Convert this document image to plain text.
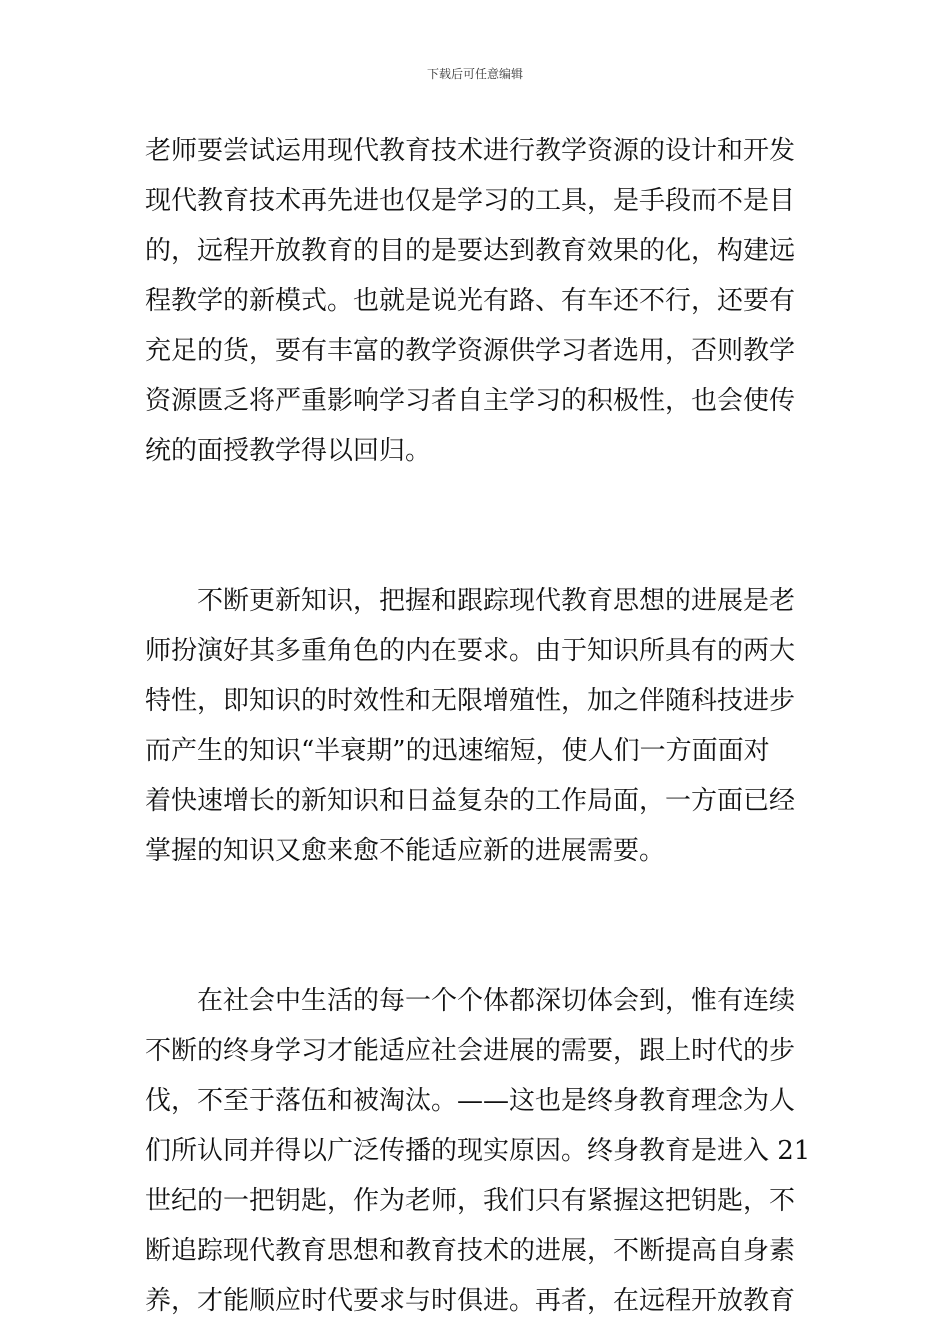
下载后可任意编辑
老师要尝试运用现代教育技术进行教学资源的设计和开发
现代教育技术再先进也仅是学习的工具，是手段而不是目
的，远程开放教育的目的是要达到教育效果的化，构建远
程教学的新模式。也就是说光有路、有车还不行，还要有
充足的货，要有丰富的教学资源供学习者选用，否则教学
资源匮乏将严重影响学习者自主学习的积极性，也会使传
统的面授教学得以回归。
　　不断更新知识，把握和跟踪现代教育思想的进展是老
师扮演好其多重角色的内在要求。由于知识所具有的两大
特性，即知识的时效性和无限增殖性，加之伴随科技进步
而产生的知识“半衰期”的迅速缩短，使人们一方面面对
着快速增长的新知识和日益复杂的工作局面，一方面已经
掌握的知识又愈来愈不能适应新的进展需要。
　　在社会中生活的每一个个体都深切体会到，惟有连续
不断的终身学习才能适应社会进展的需要，跟上时代的步
伐，不至于落伍和被淘汰。——这也是终身教育理念为人
们所认同并得以广泛传播的现实原因。终身教育是进入 21
世纪的一把钥匙，作为老师，我们只有紧握这把钥匙，不
断追踪现代教育思想和教育技术的进展，不断提高自身素
养，才能顺应时代要求与时俱进。再者，在远程开放教育
